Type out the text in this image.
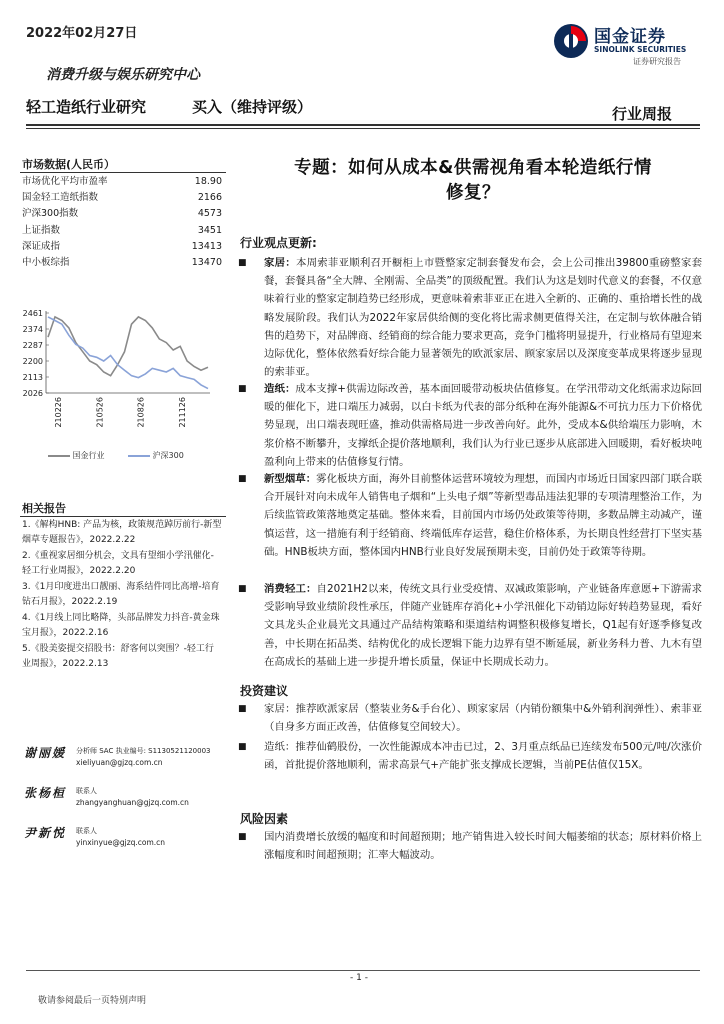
2022年02月27日	国金证券
SINOLINK SECURITIES
证券研究报告
消费升级与娱乐研究中心
轻工造纸行业研究	买入（维持评级）	行业周报
市场数据(人民币）
市场优化平均市盈率	18.90
国金轻工造纸指数	2166
沪深300指数	4573
上证指数	3451
深证成指	13413
中小板综指	13470
2461
2374
2287
2200
2113
2026
210226	210526	210826	211126
国金行业	沪深300
相关报告
1.《解构HNB: 产品为核，政策规范踔厉前行-新型烟草专题报告》，2022.2.22
2.《重视家居细分机会，文具有望细小学汛催化-轻工行业周报》，2022.2.20
3.《1月印度进出口靓丽、海系结件同比高增-培育钻石月报》，2022.2.19
4.《1月线上同比略降，头部品牌发力抖音-黄金珠宝月报》，2022.2.16
5.《股美姿提交招股书：舒客何以突围？-轻工行业周报》，2022.2.13
谢丽媛 分析师 SAC 执业编号: S1130521120003
xieliyuan@gjzq.com.cn
张杨桓 联系人
zhangyanghuan@gjzq.com.cn
尹新悦 联系人
yinxinyue@gjzq.com.cn
专题：如何从成本&供需视角看本轮造纸行情
修复？
行业观点更新:
■	家居：本周索菲亚顺利召开橱柜上市暨整家定制套餐发布会，会上公司推出39800重磅整家套餐，套餐具备“全大牌、全刚需、全品类”的顶级配置。我们认为这是划时代意义的套餐，不仅意味着行业的整家定制趋势已经形成，更意味着索菲亚正在进入全新的、正确的、重拾增长性的战略发展阶段。我们认为2022年家居供给侧的变化将比需求侧更值得关注，在定制与软体融合销售的趋势下，对品牌商、经销商的综合能力要求更高，竞争门槛将明显提升，行业格局有望迎来边际优化，整体依然看好综合能力显著领先的欧派家居、顾家家居以及深度变革成果将逐步显现的索菲亚。
■	造纸：成本支撑+供需边际改善，基本面回暖带动板块估值修复。在学汛带动文化纸需求边际回暖的催化下，进口端压力减弱，以白卡纸为代表的部分纸种在海外能源&不可抗力压力下价格优势显现，出口端表现旺盛，推动供需格局进一步改善向好。此外，受成本&供给端压力影响，木浆价格不断攀升，支撑纸企提价落地顺利，我们认为行业已逐步从底部进入回暖期，看好板块吨盈利向上带来的估值修复行情。
■	新型烟草：雾化板块方面，海外目前整体运营环境较为理想，而国内市场近日国家四部门联合联合开展针对向未成年人销售电子烟和“上头电子烟”等新型毒品违法犯罪的专项清理整治工作，为后续监管政策落地奠定基础。整体来看，目前国内市场仍处政策等待期，多数品牌主动减产，谨慎运营，这一措施有利于经销商、终端低库存运营，稳住价格体系，为长期良性经营打下坚实基础。HNB板块方面，整体国内HNB行业良好发展预期未变，目前仍处于政策等待期。
■	消费轻工：自2021H2以来，传统文具行业受疫情、双减政策影响，产业链备库意愿+下游需求受影响导致业绩阶段性承压，伴随产业链库存消化+小学汛催化下动销边际好转趋势显现，看好文具龙头企业晨光文具通过产品结构策略和渠道结构调整积极修复增长，Q1起有好逐季修复改善，中长期在拓品类、结构优化的成长逻辑下能力边界有望不断延展，新业务科力普、九木有望在高成长的基础上进一步提升增长质量，保证中长期成长动力。
投资建议
■	家居：推荐欧派家居（整装业务&手台化）、顾家家居（内销份额集中&外销利润弹性）、索菲亚（自身多方面正改善，估值修复空间较大）。
■	造纸：推荐仙鹤股份，一次性能源成本冲击已过，2、3月重点纸品已连续发布500元/吨/次涨价函，首批提价落地顺利，需求高景气+产能扩张支撑成长逻辑，当前PE估值仅15X。
风险因素
■	国内消费增长放缓的幅度和时间超预期；地产销售进入较长时间大幅萎缩的状态；原材料价格上涨幅度和时间超预期；汇率大幅波动。
- 1 -
敬请参阅最后一页特别声明
